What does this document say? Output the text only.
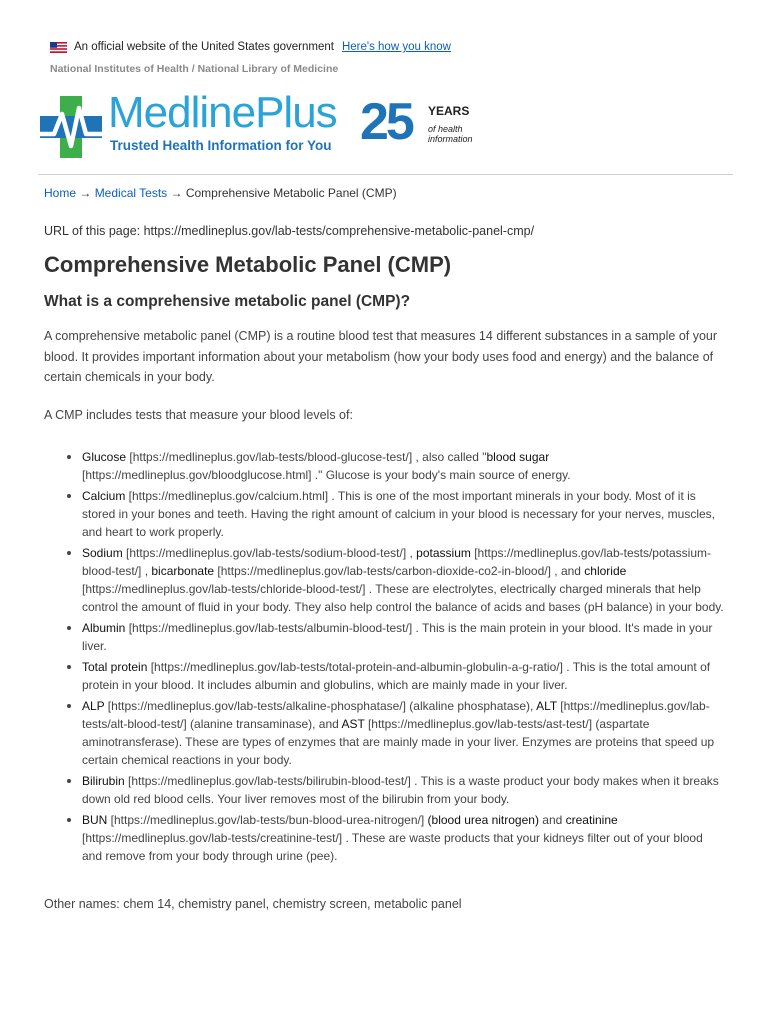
An official website of the United States government Here's how you know
National Institutes of Health / National Library of Medicine
MedlinePlus
Trusted Health Information for You 25 YEARS
of health information
Home → Medical Tests → Comprehensive Metabolic Panel (CMP)
URL of this page: https://medlineplus.gov/lab-tests/comprehensive-metabolic-panel-cmp/
Comprehensive Metabolic Panel (CMP)
What is a comprehensive metabolic panel (CMP)?

A comprehensive metabolic panel (CMP) is a routine blood test that measures 14 different substances in a sample of your blood. It provides important information about your metabolism (how your body uses food and energy) and the balance of certain chemicals in your body.

A CMP includes tests that measure your blood levels of:

Glucose [https://medlineplus.gov/lab-tests/blood-glucose-test/] , also called "blood sugar [https://medlineplus.gov/bloodglucose.html] ." Glucose is your body's main source of energy.
Calcium [https://medlineplus.gov/calcium.html] . This is one of the most important minerals in your body. Most of it is stored in your bones and teeth. Having the right amount of calcium in your blood is necessary for your nerves, muscles, and heart to work properly.
Sodium [https://medlineplus.gov/lab-tests/sodium-blood-test/] , potassium [https://medlineplus.gov/lab-tests/potassium-blood-test/] , bicarbonate [https://medlineplus.gov/lab-tests/carbon-dioxide-co2-in-blood/] , and chloride [https://medlineplus.gov/lab-tests/chloride-blood-test/] . These are electrolytes, electrically charged minerals that help control the amount of fluid in your body. They also help control the balance of acids and bases (pH balance) in your body.
Albumin [https://medlineplus.gov/lab-tests/albumin-blood-test/] . This is the main protein in your blood. It's made in your liver.
Total protein [https://medlineplus.gov/lab-tests/total-protein-and-albumin-globulin-a-g-ratio/] . This is the total amount of protein in your blood. It includes albumin and globulins, which are mainly made in your liver.
ALP [https://medlineplus.gov/lab-tests/alkaline-phosphatase/] (alkaline phosphatase), ALT [https://medlineplus.gov/lab-tests/alt-blood-test/] (alanine transaminase), and AST [https://medlineplus.gov/lab-tests/ast-test/] (aspartate aminotransferase). These are types of enzymes that are mainly made in your liver. Enzymes are proteins that speed up certain chemical reactions in your body.
Bilirubin [https://medlineplus.gov/lab-tests/bilirubin-blood-test/] . This is a waste product your body makes when it breaks down old red blood cells. Your liver removes most of the bilirubin from your body.
BUN [https://medlineplus.gov/lab-tests/bun-blood-urea-nitrogen/] (blood urea nitrogen) and creatinine [https://medlineplus.gov/lab-tests/creatinine-test/] . These are waste products that your kidneys filter out of your blood and remove from your body through urine (pee).

Other names: chem 14, chemistry panel, chemistry screen, metabolic panel
